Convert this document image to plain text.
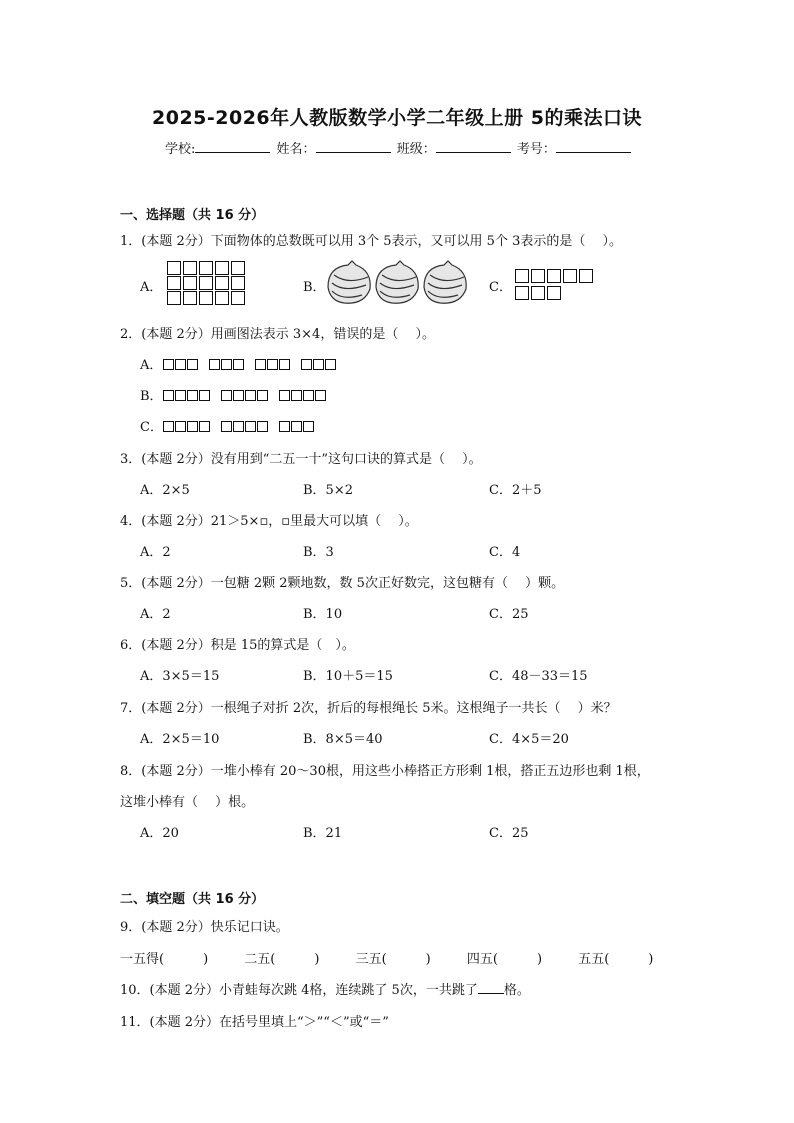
2025-2026年人教版数学小学二年级上册 5的乘法口诀
学校:	姓名：	班级：	考号：
一、选择题（共 16 分）
1．(本题 2分）下面物体的总数既可以用 3个 5表示，又可以用 5个 3表示的是（　 ）。
A．	B．	C．
2．(本题 2分）用画图法表示 3×4，错误的是（　 ）。
A．
B．
C．
3．(本题 2分）没有用到“二五一十”这句口诀的算式是（　 ）。
A．2×5	B．5×2	C．2＋5
4．(本题 2分）21＞5×▫，▫里最大可以填（　 ）。
A．2	B．3	C．4
5．(本题 2分）一包糖 2颗 2颗地数，数 5次正好数完，这包糖有（　 ）颗。
A．2	B．10	C．25
6．(本题 2分）积是 15的算式是（　）。
A．3×5＝15	B．10＋5＝15	C．48－33＝15
7．(本题 2分）一根绳子对折 2次，折后的每根绳长 5米。这根绳子一共长（　 ）米？
A．2×5＝10	B．8×5＝40	C．4×5＝20
8．(本题 2分）一堆小棒有 20～30根，用这些小棒搭正方形剩 1根，搭正五边形也剩 1根，
这堆小棒有（　 ）根。
A．20	B．21	C．25
二、填空题（共 16 分）
9．(本题 2分）快乐记口诀。
一五得(　　　)	二五(　　　)	三五(　　　)	四五(　　　)	五五(　　　)
10．(本题 2分）小青蛙每次跳 4格，连续跳了 5次，一共跳了 格。
11．(本题 2分）在括号里填上“＞”“＜”或“＝”
